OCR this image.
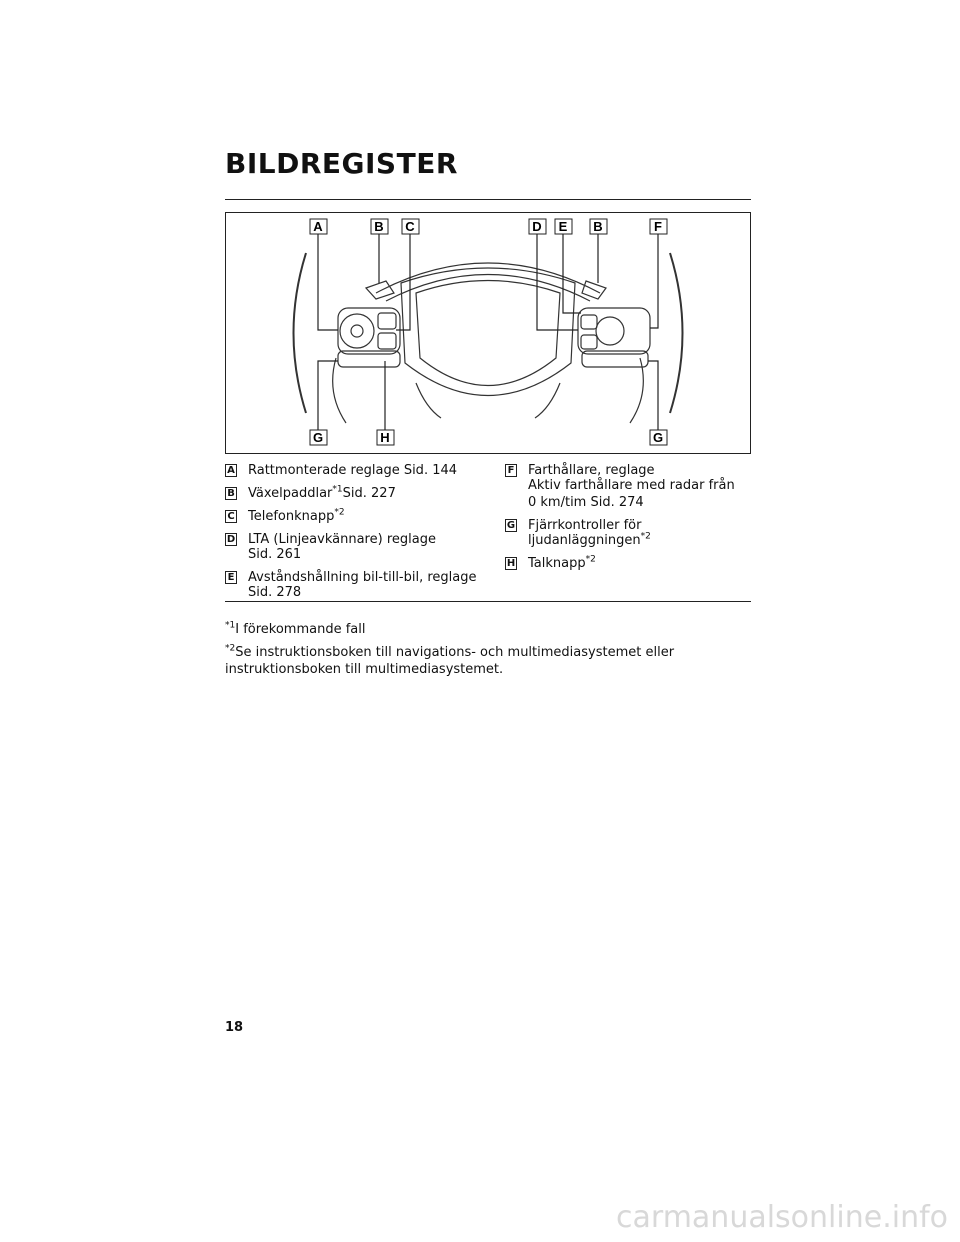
BILDREGISTER
A	B C	D E B	F
G	H	G
A Rattmonterade reglage Sid. 144
B Växelpaddlar$^{*1}$Sid. 227
C Telefonknapp$^{*2}$
D LTA (Linjeavkännare) reglage
Sid. 261
E Avståndshållning bil-till-bil, reglage
Sid. 278
F Farthållare, reglage
Aktiv farthållare med radar från
0 km/tim Sid. 274
G Fjärrkontroller för
ljudanläggningen$^{*2}$
H Talknapp$^{*2}$
$^{*1}$I förekommande fall
$^{*2}$Se instruktionsboken till navigations- och multimediasystemet eller instruktionsboken till multimediasystemet.
18
carmanualsonline.info
